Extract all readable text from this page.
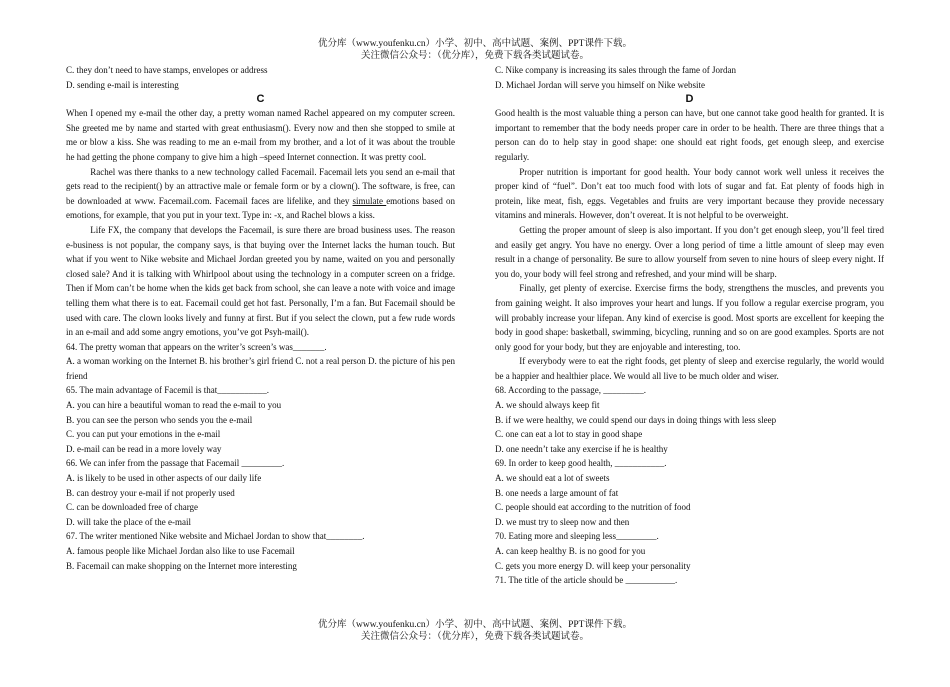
优分库（www.youfenku.cn）小学、初中、高中试题、案例、PPT课件下载。
关注微信公众号：（优分库），免费下载各类试题试卷。

C. they don’t need to have stamps, envelopes or address

D. sending e-mail is interesting

C

When I opened my e-mail the other day, a pretty woman named Rachel appeared on my computer screen. She greeted me by name and started with great enthusiasm(). Every now and then she stopped to smile at me or blow a kiss. She was reading to me an e-mail from my brother, and a lot of it was about the trouble he had getting the phone company to give him a high –speed Internet connection. It was pretty cool.

Rachel was there thanks to a new technology called Facemail. Facemail lets you send an e-mail that gets read to the recipient() by an attractive male or female form or by a clown(). The software, is free, can be downloaded at www. Facemail.com. Facemail faces are lifelike, and they simulate emotions based on emotions, for example, that you put in your text. Type in: -x, and Rachel blows a kiss.

Life FX, the company that develops the Facemail, is sure there are broad business uses. The reason e-business is not popular, the company says, is that buying over the Internet lacks the human touch. But what if you went to Nike website and Michael Jordan greeted you by name, waited on you and personally closed sale? And it is talking with Whirlpool about using the technology in a computer screen on a fridge. Then if Mom can’t be home when the kids get back from school, she can leave a note with voice and image telling them what there is to eat. Facemail could get hot fast. Personally, I’m a fan. But Facemail should be used with care. The clown looks lively and funny at first. But if you select the clown, put a few rude words in an e-mail and add some angry emotions, you’ve got Psyh-mail().

64. The pretty woman that appears on the writer’s screen’s was_______.

A. a woman working on the Internet B. his brother’s girl friend C. not a real person D. the picture of his pen friend

65. The main advantage of Facemil is that___________.

A. you can hire a beautiful woman to read the e-mail to you

B. you can see the person who sends you the e-mail

C. you can put your emotions in the e-mail

D. e-mail can be read in a more lovely way

66. We can infer from the passage that Facemail _________.

A. is likely to be used in other aspects of our daily life

B. can destroy your e-mail if not properly used

C. can be downloaded free of charge

D. will take the place of the e-mail

67. The writer mentioned Nike website and Michael Jordan to show that________.

A. famous people like Michael Jordan also like to use Facemail

B. Facemail can make shopping on the Internet more interesting

C. Nike company is increasing its sales through the fame of Jordan

D. Michael Jordan will serve you himself on Nike website

D

Good health is the most valuable thing a person can have, but one cannot take good health for granted. It is important to remember that the body needs proper care in order to be health. There are three things that a person can do to help stay in good shape: one should eat right foods, get enough sleep, and exercise regularly.

Proper nutrition is important for good health. Your body cannot work well unless it receives the proper kind of “fuel”. Don’t eat too much food with lots of sugar and fat. Eat plenty of foods high in protein, like meat, fish, eggs. Vegetables and fruits are very important because they provide necessary vitamins and minerals. However, don’t overeat. It is not helpful to be overweight.

Getting the proper amount of sleep is also important. If you don’t get enough sleep, you’ll feel tired and easily get angry. You have no energy. Over a long period of time a little amount of sleep may even result in a change of personality. Be sure to allow yourself from seven to nine hours of sleep every night. If you do, your body will feel strong and refreshed, and your mind will be sharp.

Finally, get plenty of exercise. Exercise firms the body, strengthens the muscles, and prevents you from gaining weight. It also improves your heart and lungs. If you follow a regular exercise program, you will probably increase your lifepan. Any kind of exercise is good. Most sports are excellent for keeping the body in good shape: basketball, swimming, bicycling, running and so on are good examples. Sports are not only good for your body, but they are enjoyable and interesting, too.

If everybody were to eat the right foods, get plenty of sleep and exercise regularly, the world would be a happier and healthier place. We would all live to be much older and wiser.

68. According to the passage, _________.

A. we should always keep fit

B. if we were healthy, we could spend our days in doing things with less sleep

C. one can eat a lot to stay in good shape

D. one needn’t take any exercise if he is healthy

69. In order to keep good health, ___________.

A. we should eat a lot of sweets

B. one needs a large amount of fat

C. people should eat according to the nutrition of food

D. we must try to sleep now and then

70. Eating more and sleeping less_________.

A. can keep healthy B. is no good for you

C. gets you more energy D. will keep your personality

71. The title of the article should be ___________.

优分库（www.youfenku.cn）小学、初中、高中试题、案例、PPT课件下载。
关注微信公众号：（优分库），免费下载各类试题试卷。
